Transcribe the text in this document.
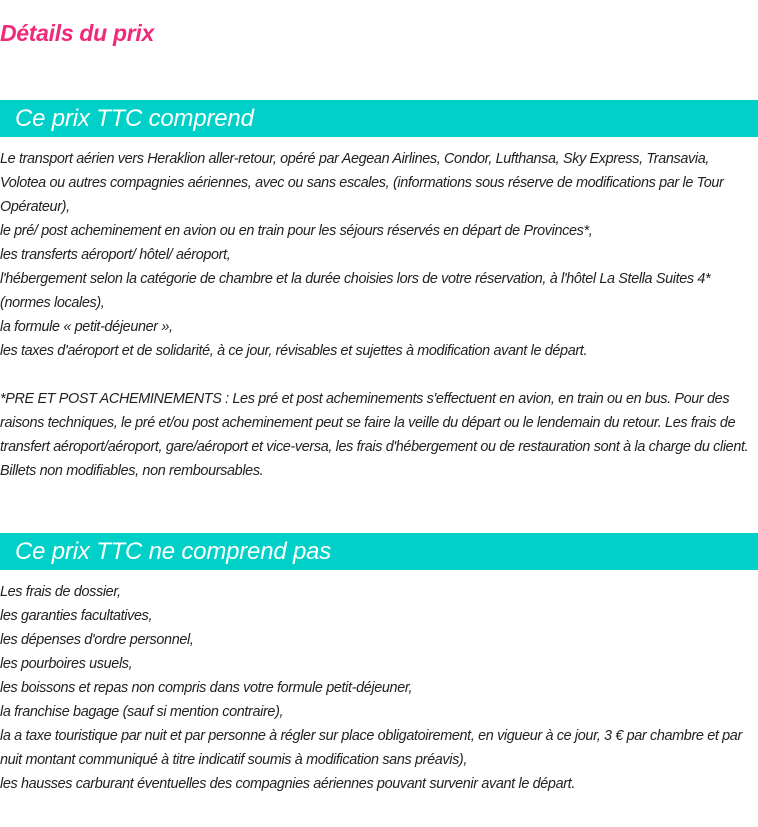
Détails du prix
Ce prix TTC comprend
Le transport aérien vers Heraklion aller-retour, opéré par Aegean Airlines, Condor, Lufthansa, Sky Express, Transavia, Volotea ou autres compagnies aériennes, avec ou sans escales, (informations sous réserve de modifications par le Tour Opérateur),
le pré/ post acheminement en avion ou en train pour les séjours réservés en départ de Provinces*,
les transferts aéroport/ hôtel/ aéroport,
l'hébergement selon la catégorie de chambre et la durée choisies lors de votre réservation, à l'hôtel La Stella Suites 4* (normes locales),
la formule « petit-déjeuner »,
les taxes d'aéroport et de solidarité, à ce jour, révisables et sujettes à modification avant le départ.

*PRE ET POST ACHEMINEMENTS : Les pré et post acheminements s'effectuent en avion, en train ou en bus. Pour des raisons techniques, le pré et/ou post acheminement peut se faire la veille du départ ou le lendemain du retour. Les frais de transfert aéroport/aéroport, gare/aéroport et vice-versa, les frais d'hébergement ou de restauration sont à la charge du client. Billets non modifiables, non remboursables.

Ce prix TTC ne comprend pas
Les frais de dossier,
les garanties facultatives,
les dépenses d'ordre personnel,
les pourboires usuels,
les boissons et repas non compris dans votre formule petit-déjeuner,
la franchise bagage (sauf si mention contraire),
la a taxe touristique par nuit et par personne à régler sur place obligatoirement, en vigueur à ce jour, 3 € par chambre et par nuit montant communiqué à titre indicatif soumis à modification sans préavis),
les hausses carburant éventuelles des compagnies aériennes pouvant survenir avant le départ.
